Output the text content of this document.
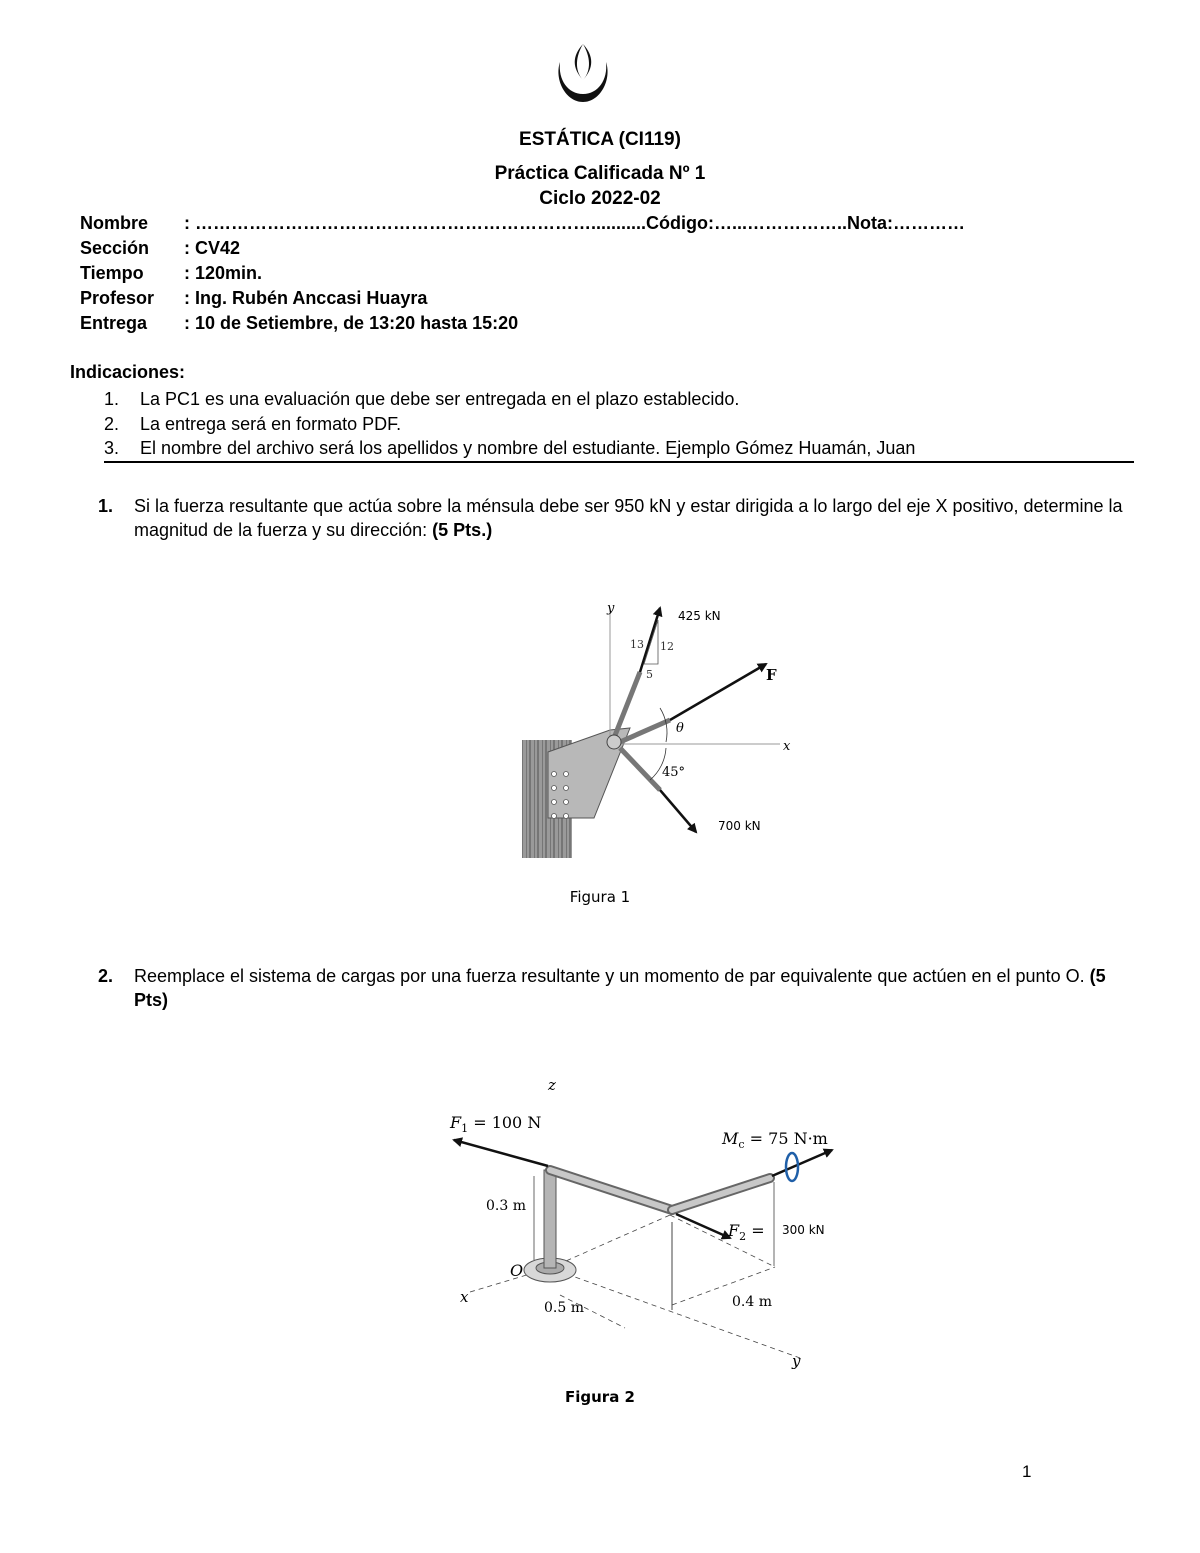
ESTÁTICA (CI119)
Práctica Calificada Nº 1
Ciclo 2022-02
Nombre : …………………………………………………………...........Código:…...……………..Nota:…………
Sección : CV42
Tiempo : 120min.
Profesor : Ing. Rubén Anccasi Huayra
Entrega : 10 de Setiembre, de 13:20 hasta 15:20
Indicaciones:
1. La PC1 es una evaluación que debe ser entregada en el plazo establecido.
2. La entrega será en formato PDF.
3. El nombre del archivo será los apellidos y nombre del estudiante. Ejemplo Gómez Huamán, Juan
1. Si la fuerza resultante que actúa sobre la ménsula debe ser 950 kN y estar dirigida a lo largo del eje X positivo, determine la magnitud de la fuerza y su dirección: (5 Pts.)
y
x
13 12
5
θ
45°
425 kN
F
700 kN
Figura 1
2. Reemplace el sistema de cargas por una fuerza resultante y un momento de par equivalente que actúen en el punto O. (5 Pts)
z
x
y
$F_1 = 100$ N
$M_c = 75$ N·m
$F_2 = 300$ kN
0.3 m
O
0.5 m	0.4 m
Figura 2
1
